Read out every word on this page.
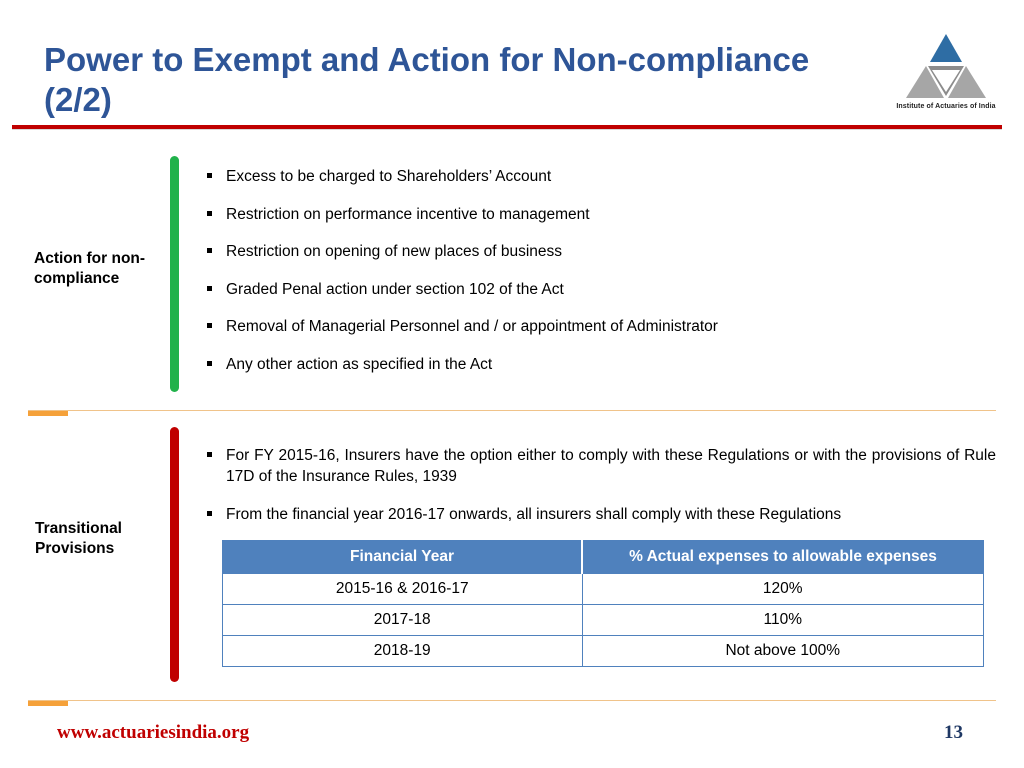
Power to Exempt and Action for Non-compliance (2/2)	Institute of Actuaries of India
Action for non-compliance
Excess to be charged to Shareholders’ Account
Restriction on performance incentive to management
Restriction on opening of new places of business
Graded Penal action under section 102 of the Act
Removal of Managerial Personnel and / or appointment of Administrator
Any other action as specified in the Act
Transitional Provisions
For FY 2015-16, Insurers have the option either to comply with these Regulations or with the provisions of Rule 17D of the Insurance Rules, 1939
From the financial year 2016-17 onwards, all insurers shall comply with these Regulations
Financial Year	% Actual expenses to allowable expenses
2015-16 & 2016-17	120%
2017-18	110%
2018-19	Not above 100%
www.actuariesindia.org	13
